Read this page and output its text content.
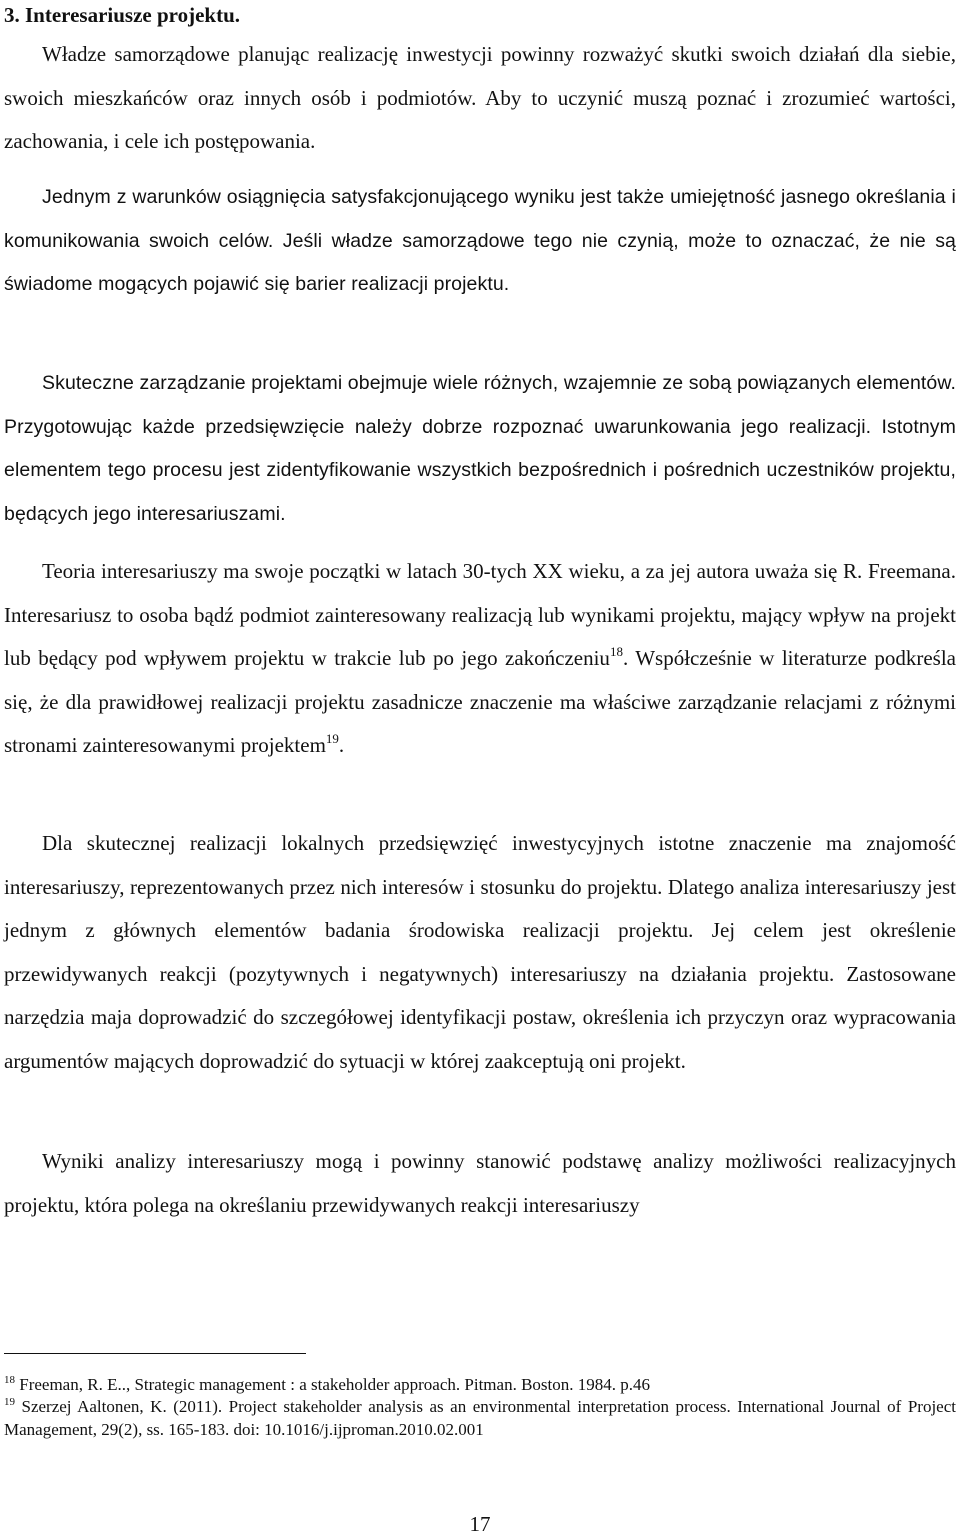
3. Interesariusze projektu.

Władze samorządowe planując realizację inwestycji powinny rozważyć skutki swoich działań dla siebie, swoich mieszkańców oraz innych osób i podmiotów. Aby to uczynić muszą poznać i zrozumieć wartości, zachowania, i cele ich postępowania.

Jednym z warunków osiągnięcia satysfakcjonującego wyniku jest także umiejętność jasnego określania i komunikowania swoich celów. Jeśli władze samorządowe tego nie czynią, może to oznaczać, że nie są świadome mogących pojawić się barier realizacji projektu.

Skuteczne zarządzanie projektami obejmuje wiele różnych, wzajemnie ze sobą powiązanych elementów. Przygotowując każde przedsięwzięcie należy dobrze rozpoznać uwarunkowania jego realizacji. Istotnym elementem tego procesu jest zidentyfikowanie wszystkich bezpośrednich i pośrednich uczestników projektu, będących jego interesariuszami.

Teoria interesariuszy ma swoje początki w latach 30-tych XX wieku, a za jej autora uważa się R. Freemana. Interesariusz to osoba bądź podmiot zainteresowany realizacją lub wynikami projektu, mający wpływ na projekt lub będący pod wpływem projektu w trakcie lub po jego zakończeniu$^{18}$. Współcześnie w literaturze podkreśla się, że dla prawidłowej realizacji projektu zasadnicze znaczenie ma właściwe zarządzanie relacjami z różnymi stronami zainteresowanymi projektem$^{19}$.

Dla skutecznej realizacji lokalnych przedsięwzięć inwestycyjnych istotne znaczenie ma znajomość interesariuszy, reprezentowanych przez nich interesów i stosunku do projektu. Dlatego analiza interesariuszy jest jednym z głównych elementów badania środowiska realizacji projektu. Jej celem jest określenie przewidywanych reakcji (pozytywnych i negatywnych) interesariuszy na działania projektu. Zastosowane narzędzia maja doprowadzić do szczegółowej identyfikacji postaw, określenia ich przyczyn oraz wypracowania argumentów mających doprowadzić do sytuacji w której zaakceptują oni projekt.

Wyniki analizy interesariuszy mogą i powinny stanowić podstawę analizy możliwości realizacyjnych projektu, która polega na określaniu przewidywanych reakcji interesariuszy

$^{18}$ Freeman, R. E.., Strategic management : a stakeholder approach. Pitman. Boston. 1984. p.46

$^{19}$ Szerzej Aaltonen, K. (2011). Project stakeholder analysis as an environmental interpretation process. International Journal of Project Management, 29(2), ss. 165-183. doi: 10.1016/j.ijproman.2010.02.001

17
